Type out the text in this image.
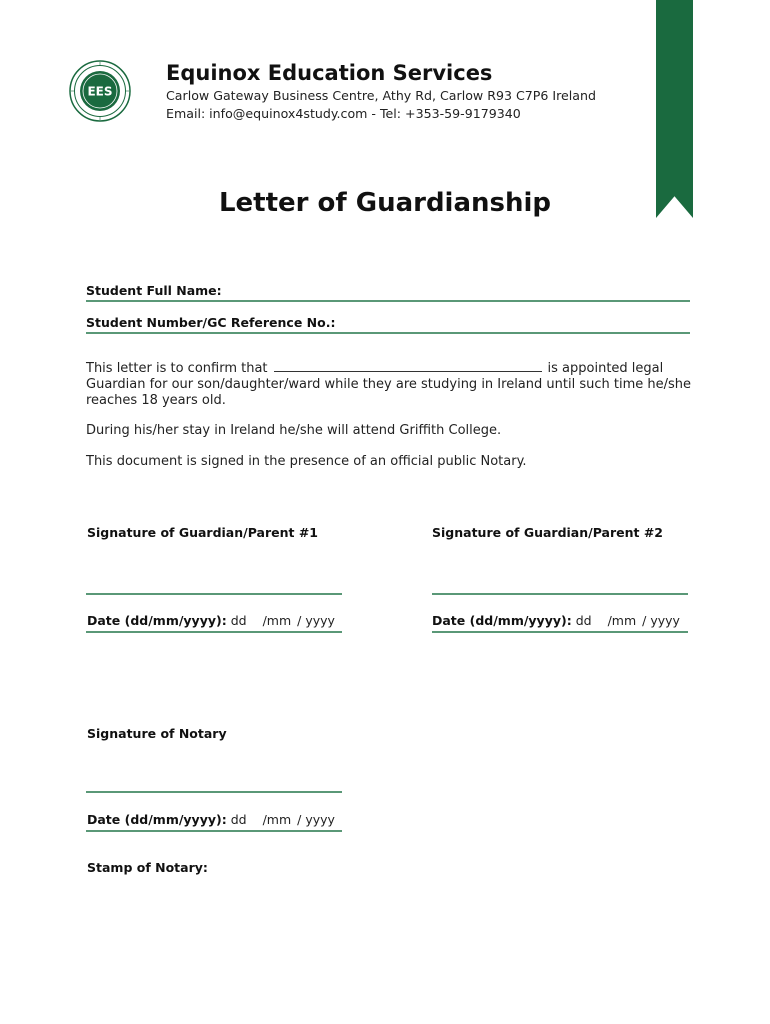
EES
Equinox Education Services
Carlow Gateway Business Centre, Athy Rd, Carlow R93 C7P6 Ireland
Email: info@equinox4study.com - Tel: +353-59-9179340
Letter of Guardianship
Student Full Name:
Student Number/GC Reference No.:
This letter is to confirm that	is appointed legal Guardian for our son/daughter/ward while they are studying in Ireland until such time he/she reaches 18 years old.
During his/her stay in Ireland he/she will attend Griffith College.
This document is signed in the presence of an official public Notary.
Signature of Guardian/Parent #1	Signature of Guardian/Parent #2
Date (dd/mm/yyyy): dd /mm / yyyy	Date (dd/mm/yyyy): dd /mm / yyyy
Signature of Notary
Date (dd/mm/yyyy): dd /mm / yyyy
Stamp of Notary:
